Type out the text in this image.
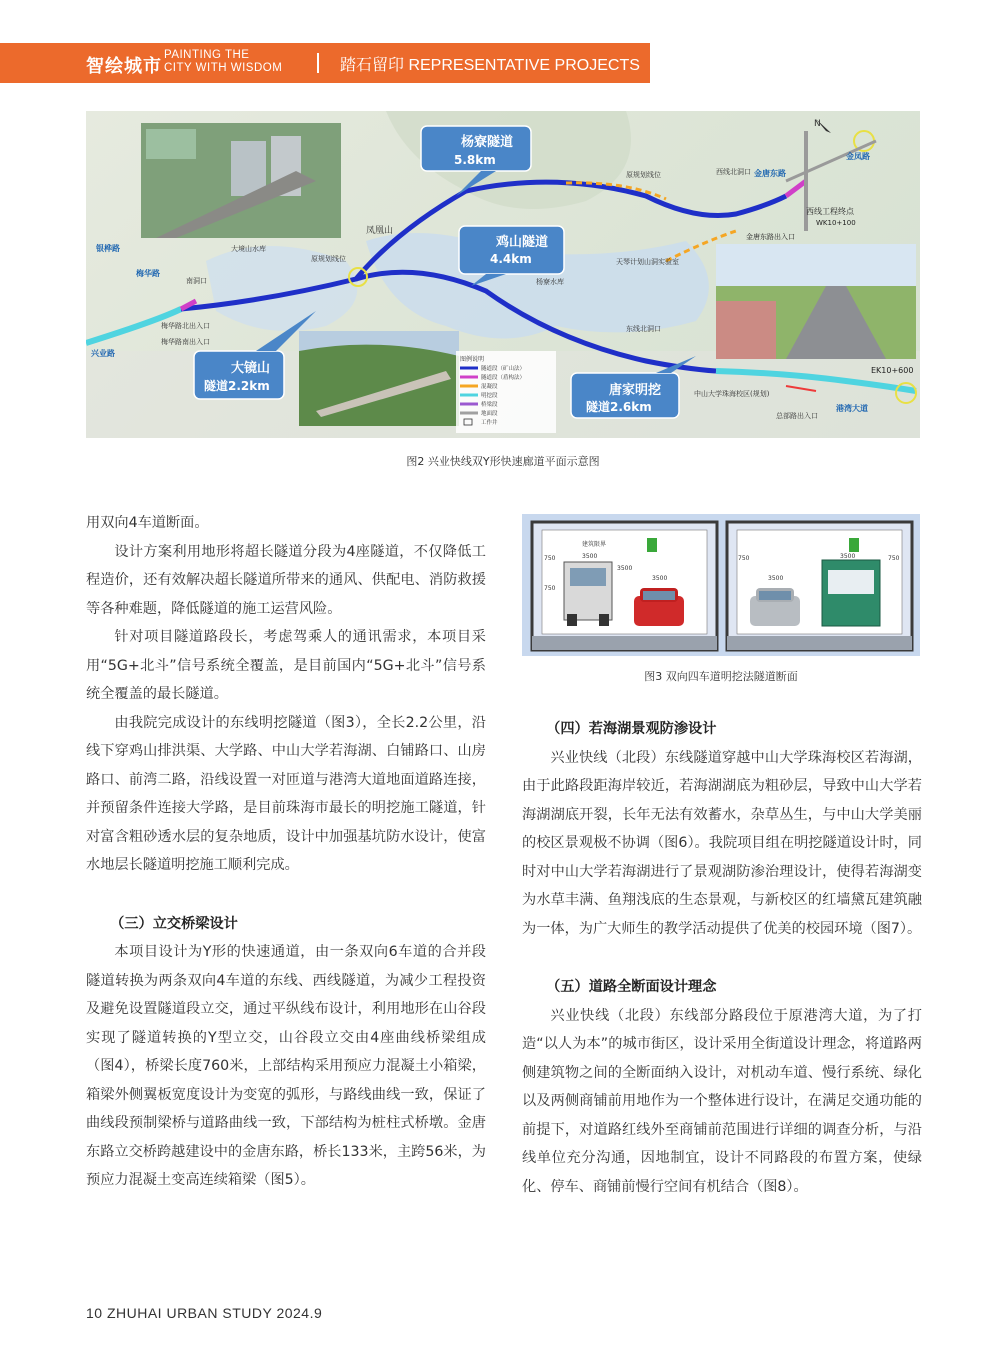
智绘城市
PAINTING THE
CITY WITH WISDOM	踏石留印 REPRESENTATIVE PROJECTS
N
杨寮隧道
5.8km
鸡山隧道
4.4km
大镜山
隧道2.2km	唐家明挖
隧道2.6km
凤凰山
大境山水库
杨寮水库
天琴计划山洞实验室
原规划线位
原规划线位	西线北洞口
东线北洞口
西线工程终点
WK10+100
金唐东路出入口
EK10+600
南洞口
梅华路北出入口
梅华路南出入口
中山大学珠海校区(规划)
总部路出入口
银桦路
梅华路
兴业路
金唐东路
港湾大道
金凤路
图例说明
隧道段（矿山法）
隧道段（盾构法）
混凝段
明挖段
桥梁段
地面段
工作井
图2 兴业快线双Y形快速廊道平面示意图

用双向4车道断面。

设计方案利用地形将超长隧道分段为4座隧道，不仅降低工程造价，还有效解决超长隧道所带来的通风、供配电、消防救援等各种难题，降低隧道的施工运营风险。

针对项目隧道路段长，考虑驾乘人的通讯需求，本项目采用“5G+北斗”信号系统全覆盖，是目前国内“5G+北斗”信号系统全覆盖的最长隧道。

由我院完成设计的东线明挖隧道（图3），全长2.2公里，沿线下穿鸡山排洪渠、大学路、中山大学若海湖、白铺路口、山房路口、前湾二路，沿线设置一对匝道与港湾大道地面道路连接，并预留条件连接大学路，是目前珠海市最长的明挖施工隧道，针对富含粗砂透水层的复杂地质，设计中加强基坑防水设计，使富水地层长隧道明挖施工顺利完成。

（三）立交桥梁设计

本项目设计为Y形的快速通道，由一条双向6车道的合并段隧道转换为两条双向4车道的东线、西线隧道，为减少工程投资及避免设置隧道段立交，通过平纵线布设计，利用地形在山谷段实现了隧道转换的Y型立交，山谷段立交由4座曲线桥梁组成（图4），桥梁长度760米，上部结构采用预应力混凝土小箱梁，箱梁外侧翼板宽度设计为变宽的弧形，与路线曲线一致，保证了曲线段预制梁桥与道路曲线一致，下部结构为桩柱式桥墩。金唐东路立交桥跨越建设中的金唐东路，桥长133米，主跨56米，为预应力混凝土变高连续箱梁（图5）。

750	3500
3500
3500
750
750
3500
3500	750
建筑限界
图3 双向四车道明挖法隧道断面

（四）若海湖景观防渗设计

兴业快线（北段）东线隧道穿越中山大学珠海校区若海湖，由于此路段距海岸较近，若海湖湖底为粗砂层，导致中山大学若海湖湖底开裂，长年无法有效蓄水，杂草丛生，与中山大学美丽的校区景观极不协调（图6）。我院项目组在明挖隧道设计时，同时对中山大学若海湖进行了景观湖防渗治理设计，使得若海湖变为水草丰满、鱼翔浅底的生态景观，与新校区的红墙黛瓦建筑融为一体，为广大师生的教学活动提供了优美的校园环境（图7）。

（五）道路全断面设计理念

兴业快线（北段）东线部分路段位于原港湾大道，为了打造“以人为本”的城市街区，设计采用全街道设计理念，将道路两侧建筑物之间的全断面纳入设计，对机动车道、慢行系统、绿化以及两侧商铺前用地作为一个整体进行设计，在满足交通功能的前提下，对道路红线外至商铺前范围进行详细的调查分析，与沿线单位充分沟通，因地制宜，设计不同路段的布置方案，使绿化、停车、商铺前慢行空间有机结合（图8）。

10 ZHUHAI URBAN STUDY 2024.9
